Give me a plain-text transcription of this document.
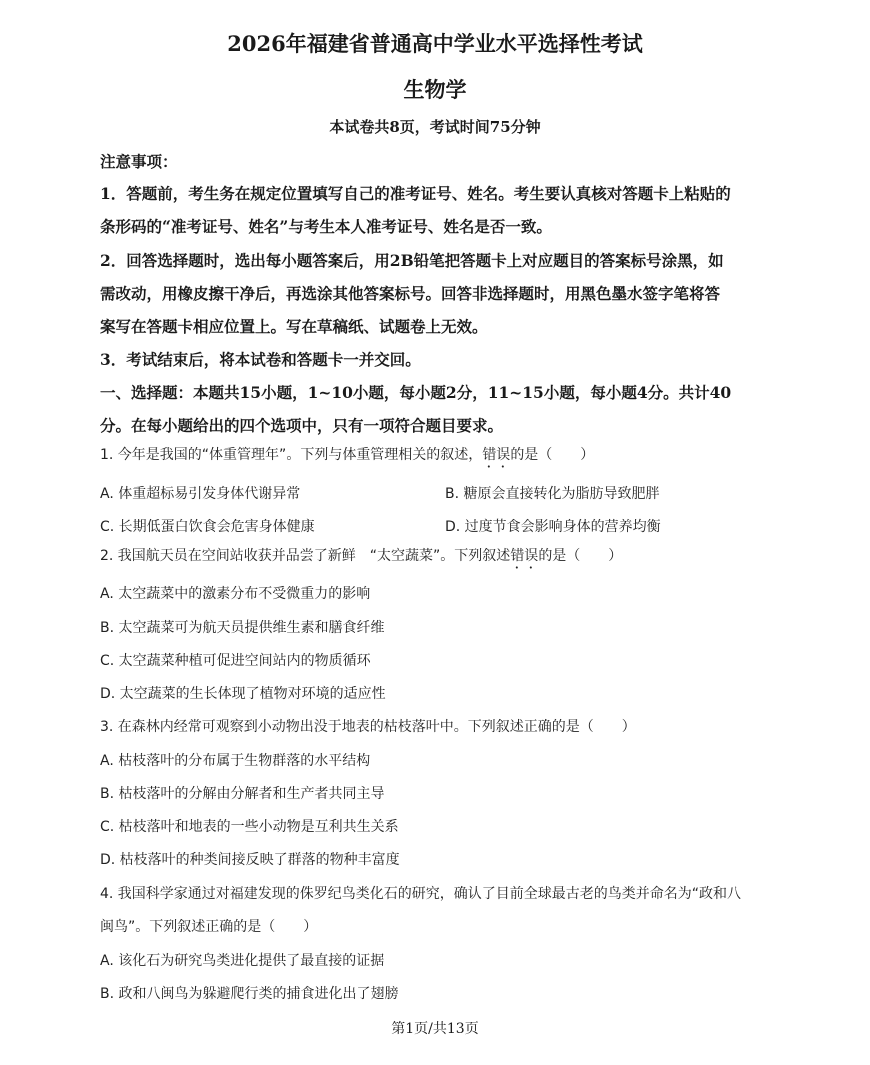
2026年福建省普通高中学业水平选择性考试
生物学
本试卷共8页，考试时间75分钟
注意事项：
1．答题前，考生务在规定位置填写自己的准考证号、姓名。考生要认真核对答题卡上粘贴的
条形码的“准考证号、姓名”与考生本人准考证号、姓名是否一致。
2．回答选择题时，选出每小题答案后，用2B铅笔把答题卡上对应题目的答案标号涂黑，如
需改动，用橡皮擦干净后，再选涂其他答案标号。回答非选择题时，用黑色墨水签字笔将答
案写在答题卡相应位置上。写在草稿纸、试题卷上无效。
3．考试结束后，将本试卷和答题卡一并交回。
一、选择题：本题共15小题，1~10小题，每小题2分，11~15小题，每小题4分。共计40
分。在每小题给出的四个选项中，只有一项符合题目要求。
1. 今年是我国的“体重管理年”。下列与体重管理相关的叙述，错误的是（　　）
A. 体重超标易引发身体代谢异常	B. 糖原会直接转化为脂肪导致肥胖
C. 长期低蛋白饮食会危害身体健康	D. 过度节食会影响身体的营养均衡
2. 我国航天员在空间站收获并品尝了新鲜　“太空蔬菜”。下列叙述错误的是（　　）
A. 太空蔬菜中的激素分布不受微重力的影响
B. 太空蔬菜可为航天员提供维生素和膳食纤维
C. 太空蔬菜种植可促进空间站内的物质循环
D. 太空蔬菜的生长体现了植物对环境的适应性
3. 在森林内经常可观察到小动物出没于地表的枯枝落叶中。下列叙述正确的是（　　）
A. 枯枝落叶的分布属于生物群落的水平结构
B. 枯枝落叶的分解由分解者和生产者共同主导
C. 枯枝落叶和地表的一些小动物是互利共生关系
D. 枯枝落叶的种类间接反映了群落的物种丰富度
4. 我国科学家通过对福建发现的侏罗纪鸟类化石的研究，确认了目前全球最古老的鸟类并命名为“政和八
闽鸟”。下列叙述正确的是（　　）
A. 该化石为研究鸟类进化提供了最直接的证据
B. 政和八闽鸟为躲避爬行类的捕食进化出了翅膀
第1页/共13页
